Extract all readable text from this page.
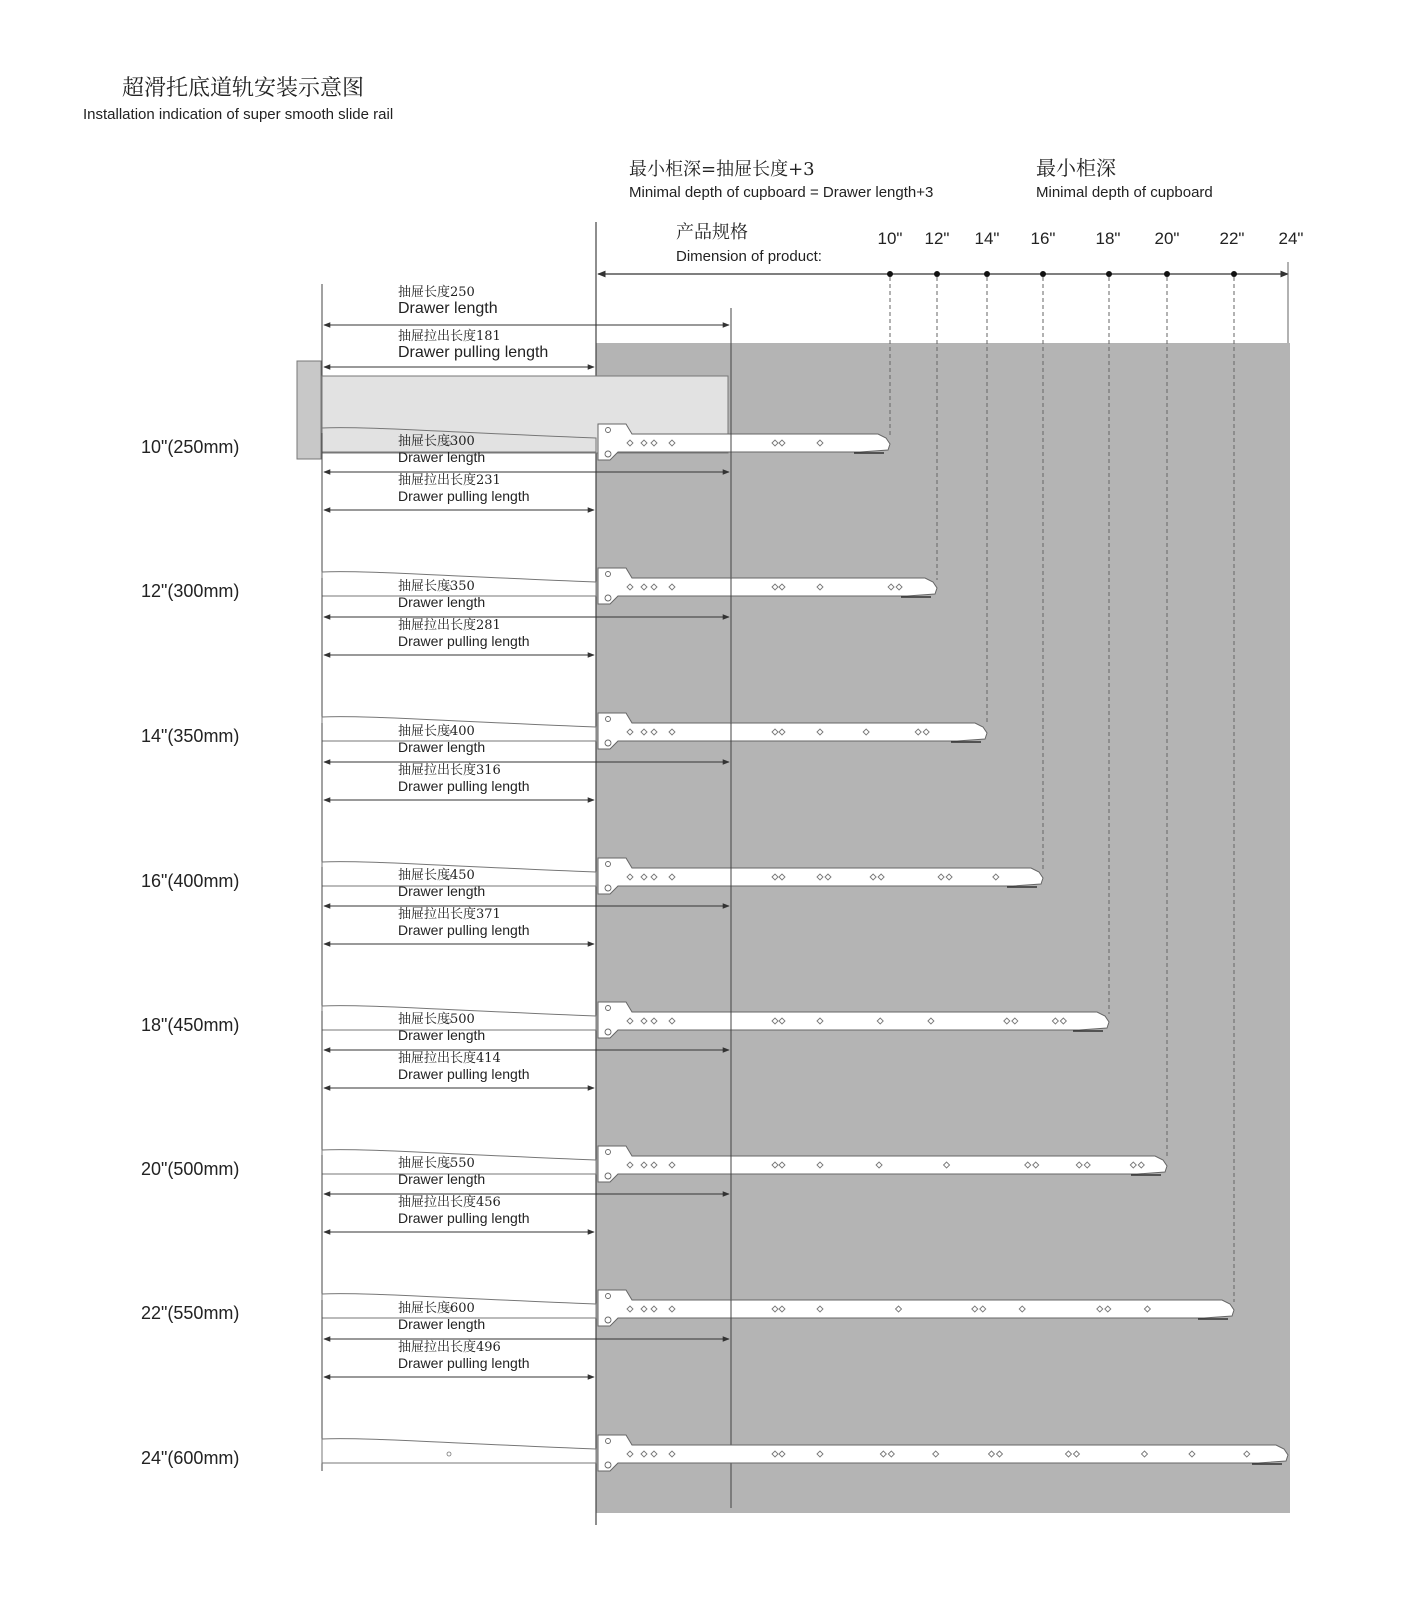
超滑托底道轨安装示意图
Installation indication of super smooth slide rail
最小柜深=抽屉长度+3
Minimal depth of cupboard = Drawer length+3
最小柜深
Minimal depth of cupboard
产品规格
Dimension of product:
10" 12" 14" 16" 18" 20" 22" 24"
10"(250mm)
抽屉长度250
Drawer length
抽屉拉出长度181
Drawer pulling length
12"(300mm)
抽屉长度300
Drawer length
抽屉拉出长度231
Drawer pulling length
14"(350mm)
抽屉长度350
Drawer length
抽屉拉出长度281
Drawer pulling length
16"(400mm)
抽屉长度400
Drawer length
抽屉拉出长度316
Drawer pulling length
18"(450mm)
抽屉长度450
Drawer length
抽屉拉出长度371
Drawer pulling length
20"(500mm)
抽屉长度500
Drawer length
抽屉拉出长度414
Drawer pulling length
22"(550mm)
抽屉长度550
Drawer length
抽屉拉出长度456
Drawer pulling length
24"(600mm)
抽屉长度600
Drawer length
抽屉拉出长度496
Drawer pulling length
